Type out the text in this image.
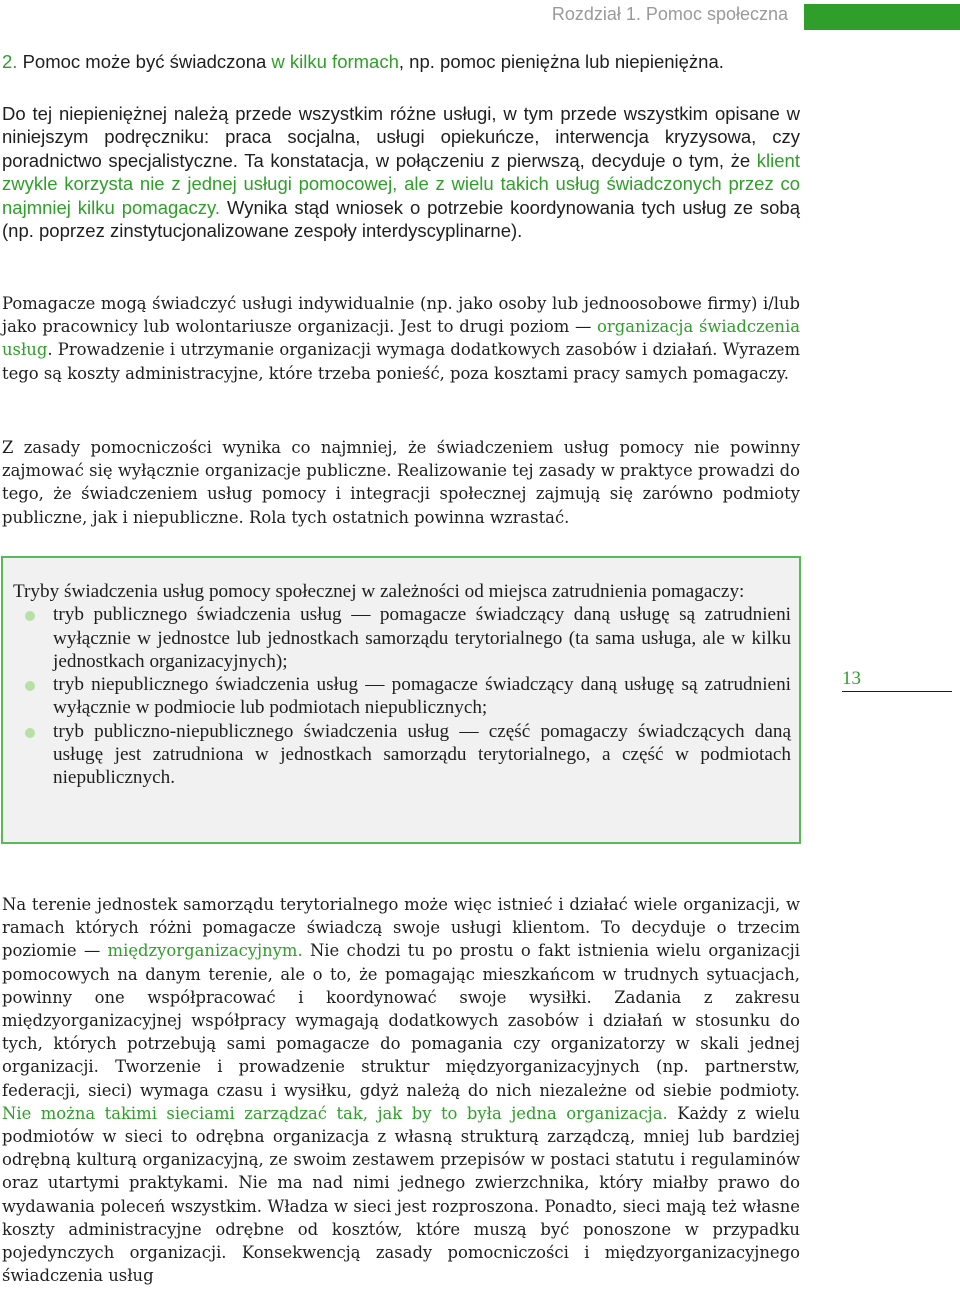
Rozdział 1. Pomoc społeczna

2. Pomoc może być świadczona w kilku formach, np. pomoc pieniężna lub niepieniężna.

Do tej niepieniężnej należą przede wszystkim różne usługi, w tym przede wszystkim opisane w niniejszym podręczniku: praca socjalna, usługi opiekuńcze, interwencja kryzysowa, czy poradnictwo specjalistyczne. Ta konstatacja, w połączeniu z pierwszą, decyduje o tym, że klient zwykle korzysta nie z jednej usługi pomocowej, ale z wielu takich usług świadczonych przez co najmniej kilku pomagaczy. Wynika stąd wniosek o potrzebie koordynowania tych usług ze sobą (np. poprzez zinstytucjonalizowane zespoły interdyscyplinarne).

Pomagacze mogą świadczyć usługi indywidualnie (np. jako osoby lub jednoosobowe firmy) i/lub jako pracownicy lub wolontariusze organizacji. Jest to drugi poziom — organizacja świadczenia usług. Prowadzenie i utrzymanie organizacji wymaga dodatkowych zasobów i działań. Wyrazem tego są koszty administracyjne, które trzeba ponieść, poza kosztami pracy samych pomagaczy.

Z zasady pomocniczości wynika co najmniej, że świadczeniem usług pomocy nie powinny zajmować się wyłącznie organizacje publiczne. Realizowanie tej zasady w praktyce prowadzi do tego, że świadczeniem usług pomocy i integracji społecznej zajmują się zarówno podmioty publiczne, jak i niepubliczne. Rola tych ostatnich powinna wzrastać.

Tryby świadczenia usług pomocy społecznej w zależności od miejsca zatrudnienia pomagaczy:
tryb publicznego świadczenia usług — pomagacze świadczący daną usługę są zatrudnieni wyłącznie w jednostce lub jednostkach samorządu terytorialnego (ta sama usługa, ale w kilku jednostkach organizacyjnych);
tryb niepublicznego świadczenia usług — pomagacze świadczący daną usługę są zatrudnieni wyłącznie w podmiocie lub podmiotach niepublicznych;
tryb publiczno-niepublicznego świadczenia usług — część pomagaczy świadczących daną usługę jest zatrudniona w jednostkach samorządu terytorialnego, a część w podmiotach niepublicznych.
13

Na terenie jednostek samorządu terytorialnego może więc istnieć i działać wiele organizacji, w ramach których różni pomagacze świadczą swoje usługi klientom. To decyduje o trzecim poziomie — międzyorganizacyjnym. Nie chodzi tu po prostu o fakt istnienia wielu organizacji pomocowych na danym terenie, ale o to, że pomagając mieszkańcom w trudnych sytuacjach, powinny one współpracować i koordynować swoje wysiłki. Zadania z zakresu międzyorganizacyjnej współpracy wymagają dodatkowych zasobów i działań w stosunku do tych, których potrzebują sami pomagacze do pomagania czy organizatorzy w skali jednej organizacji. Tworzenie i prowadzenie struktur międzyorganizacyjnych (np. partnerstw, federacji, sieci) wymaga czasu i wysiłku, gdyż należą do nich niezależne od siebie podmioty. Nie można takimi sieciami zarządzać tak, jak by to była jedna organizacja. Każdy z wielu podmiotów w sieci to odrębna organizacja z własną strukturą zarządczą, mniej lub bardziej odrębną kulturą organizacyjną, ze swoim zestawem przepisów w postaci statutu i regulaminów oraz utartymi praktykami. Nie ma nad nimi jednego zwierzchnika, który miałby prawo do wydawania poleceń wszystkim. Władza w sieci jest rozproszona. Ponadto, sieci mają też własne koszty administracyjne odrębne od kosztów, które muszą być ponoszone w przypadku pojedynczych organizacji. Konsekwencją zasady pomocniczości i międzyorganizacyjnego świadczenia usług
